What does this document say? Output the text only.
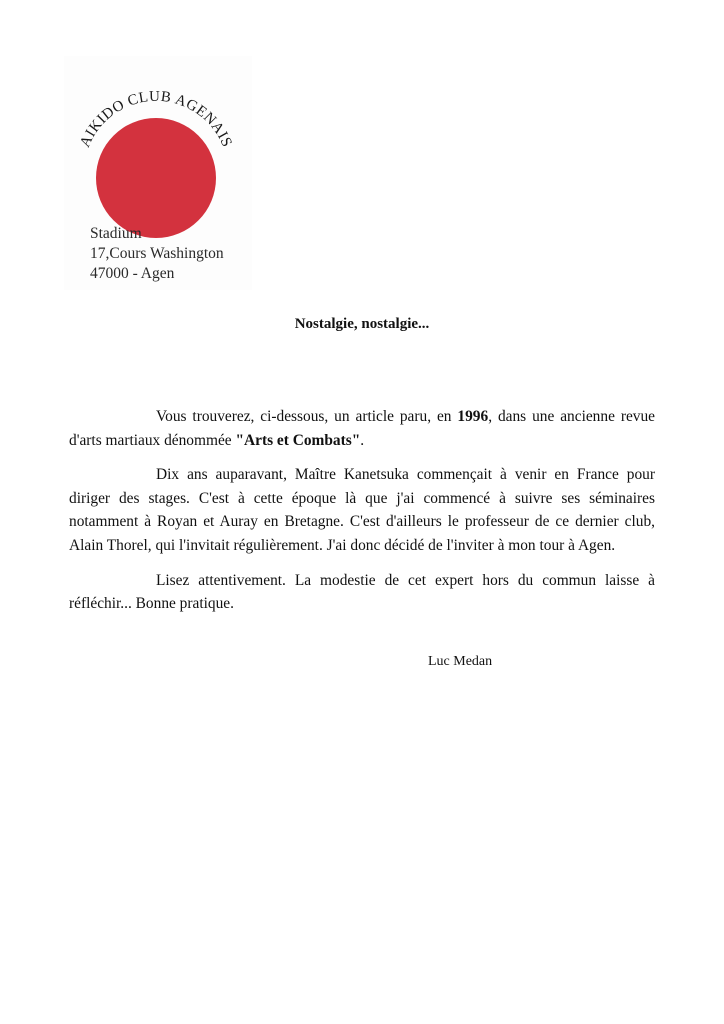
AIKIDO CLUB AGENAIS
Stadium
17,Cours Washington
47000 - Agen
Nostalgie, nostalgie...

Vous trouverez, ci-dessous, un article paru, en 1996, dans une ancienne revue d'arts martiaux dénommée "Arts et Combats".

Dix ans auparavant, Maître Kanetsuka commençait à venir en France pour diriger des stages. C'est à cette époque là que j'ai commencé à suivre ses séminaires notamment à Royan et Auray en Bretagne. C'est d'ailleurs le professeur de ce dernier club, Alain Thorel, qui l'invitait régulièrement. J'ai donc décidé de l'inviter à mon tour à Agen.

Lisez attentivement. La modestie de cet expert hors du commun laisse à réfléchir... Bonne pratique.

Luc Medan
